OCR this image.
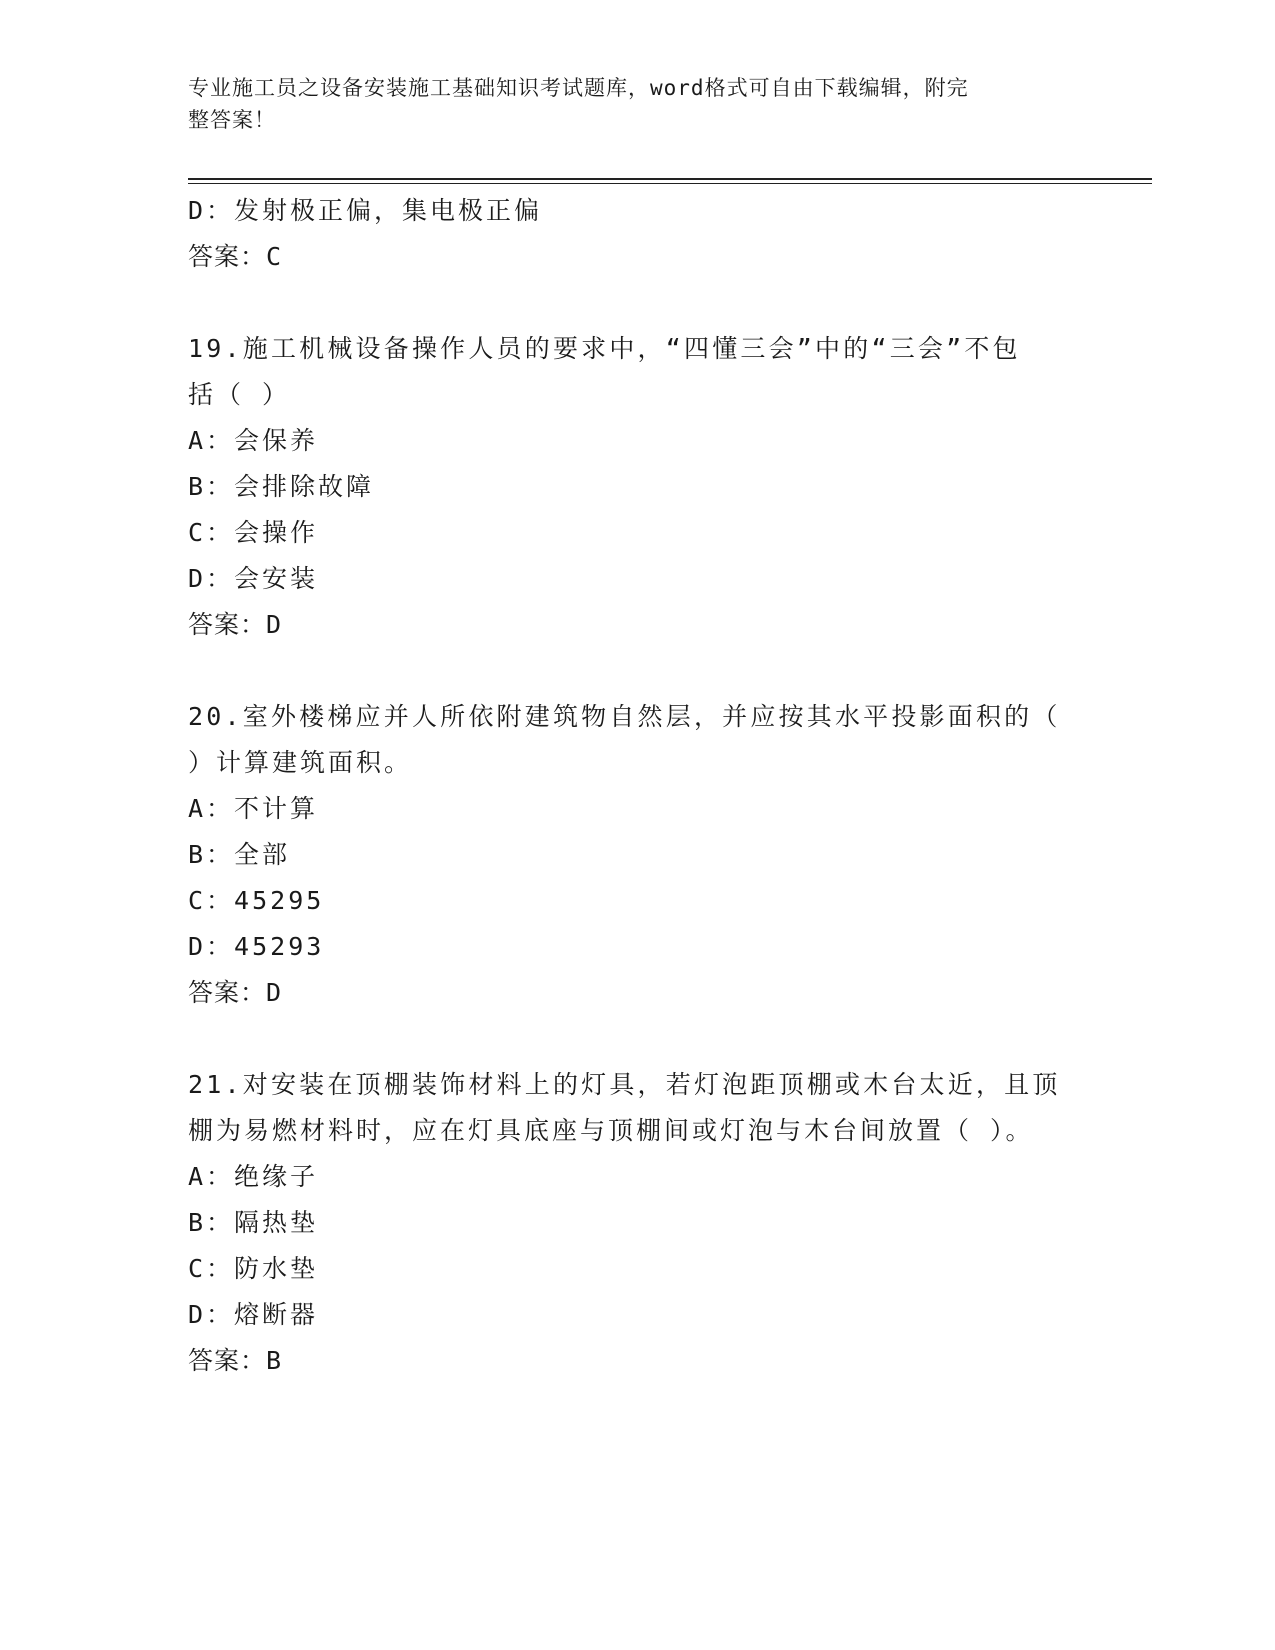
专业施工员之设备安装施工基础知识考试题库，word格式可自由下载编辑，附完
整答案！
D：发射极正偏，集电极正偏
答案：C
19.施工机械设备操作人员的要求中，“四懂三会”中的“三会”不包
括（ ）
A：会保养
B：会排除故障
C：会操作
D：会安装
答案：D
20.室外楼梯应并人所依附建筑物自然层，并应按其水平投影面积的（
）计算建筑面积。
A：不计算
B：全部
C：45295
D：45293
答案：D
21.对安装在顶棚装饰材料上的灯具，若灯泡距顶棚或木台太近，且顶
棚为易燃材料时，应在灯具底座与顶棚间或灯泡与木台间放置（ ）。
A：绝缘子
B：隔热垫
C：防水垫
D：熔断器
答案：B
